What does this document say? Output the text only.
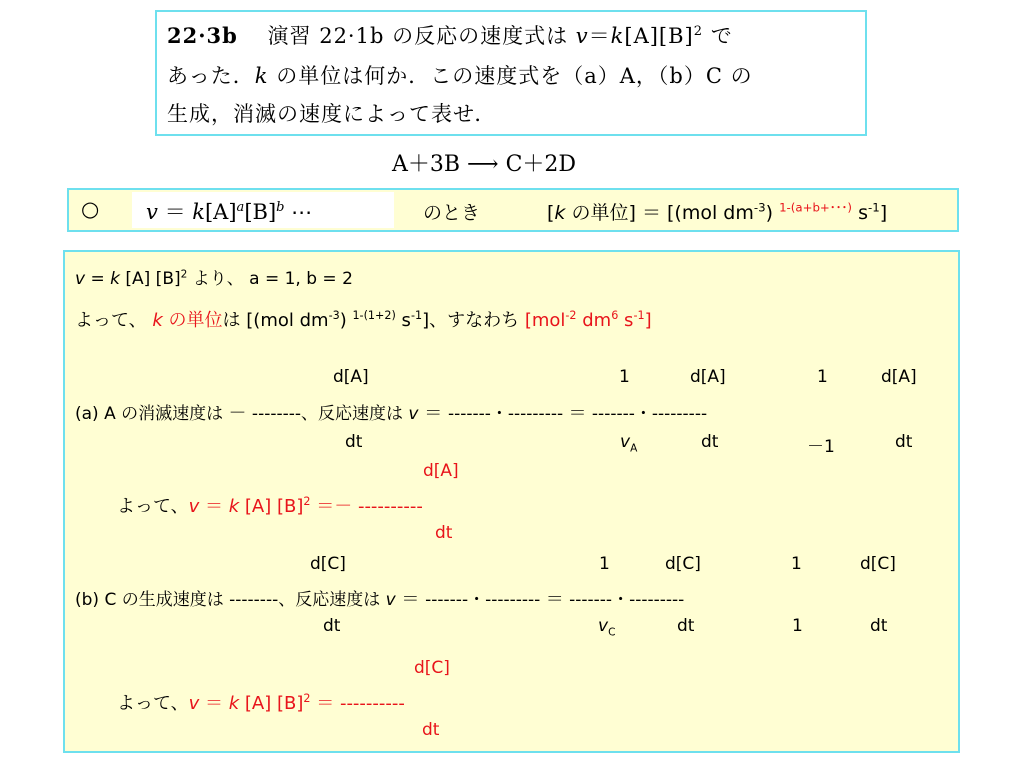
22·3b 　 演習 22·1b の反応の速度式は $v=k[A][B]^2$ で
あった．k の単位は何か．この速度式を（a）A，（b）C の
生成，消滅の速度によって表せ．
A＋3B ⟶ C＋2D
○ $v = k[A]^a[B]^b$ ⋯	のとき	[k の単位] ＝ [(mol $dm^{-3}$) $^{1-(a+b+･･･)}$ $s^{-1}$]
v = k [A] $[B]^2$ より、 a = 1, b = 2
よって、 k の単位は [(mol $dm^{-3}$) $^{1-(1+2)}$ $s^{-1}$]、すなわち [mol$^{-2}$ $dm^6$ $s^{-1}$]
d[A]	1	d[A]	1	d[A]
(a) A の消滅速度は － --------、反応速度は v ＝ -------・--------- ＝ -------・---------
dt	$v_A$	dt	－1	dt
d[A]
よって、v ＝ k [A] $[B]^2$ ＝－ ----------
dt
d[C]	1	d[C]	1	d[C]
(b) C の生成速度は --------、反応速度は v ＝ -------・--------- ＝ -------・---------
dt	$v_C$	dt	1	dt
d[C]
よって、v ＝ k [A] $[B]^2$ ＝ ----------
dt
